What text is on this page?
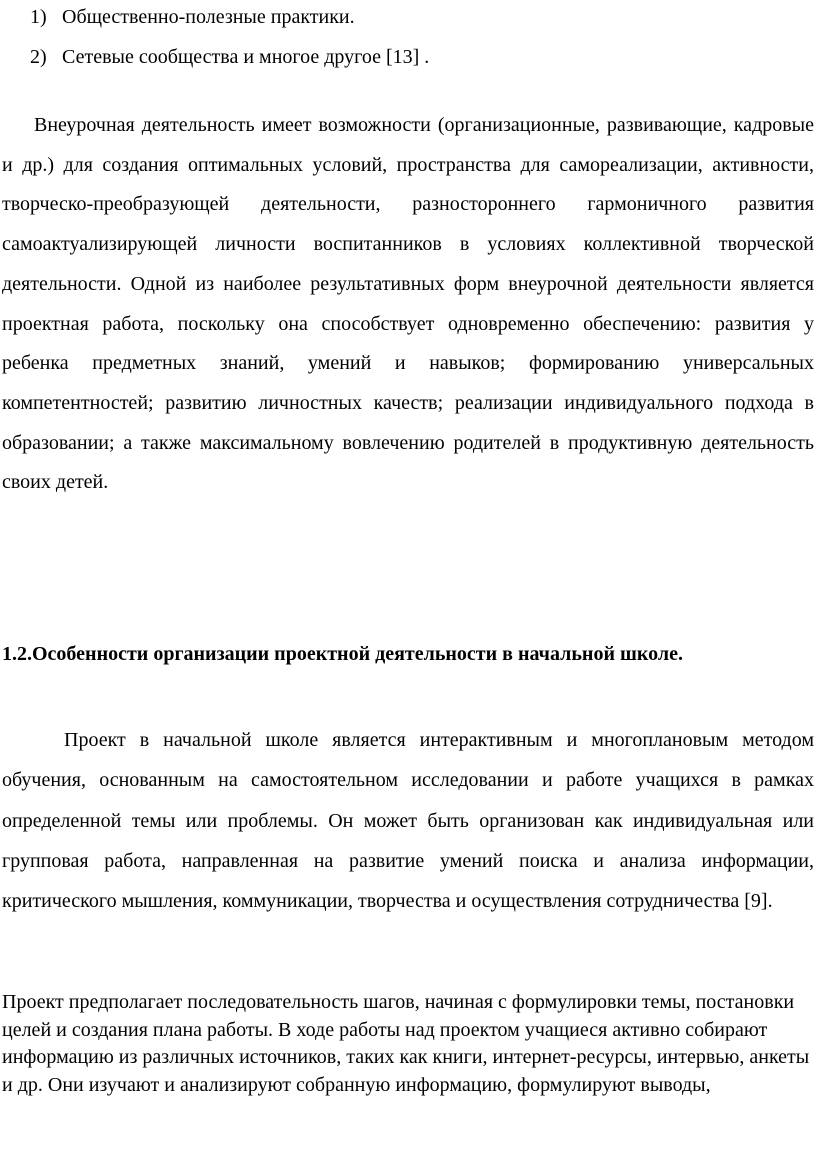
1) Общественно-полезные практики.
2) Сетевые сообщества и многое другое [13] .

Внеурочная деятельность имеет возможности (организационные, развивающие, кадровые и др.) для создания оптимальных условий, пространства для самореализации, активности, творческо-преобразующей деятельности, разностороннего гармоничного развития самоактуализирующей личности воспитанников в условиях коллективной творческой деятельности. Одной из наиболее результативных форм внеурочной деятельности является проектная работа, поскольку она способствует одновременно обеспечению: развития у ребенка предметных знаний, умений и навыков; формированию универсальных компетентностей; развитию личностных качеств; реализации индивидуального подхода в образовании; а также максимальному вовлечению родителей в продуктивную деятельность своих детей.

1.2.Особенности организации проектной деятельности в начальной школе.

Проект в начальной школе является интерактивным и многоплановым методом обучения, основанным на самостоятельном исследовании и работе учащихся в рамках определенной темы или проблемы. Он может быть организован как индивидуальная или групповая работа, направленная на развитие умений поиска и анализа информации, критического мышления, коммуникации, творчества и осуществления сотрудничества [9].

Проект предполагает последовательность шагов, начиная с формулировки темы, постановки целей и создания плана работы. В ходе работы над проектом учащиеся активно собирают информацию из различных источников, таких как книги, интернет-ресурсы, интервью, анкеты и др. Они изучают и анализируют собранную информацию, формулируют выводы,
